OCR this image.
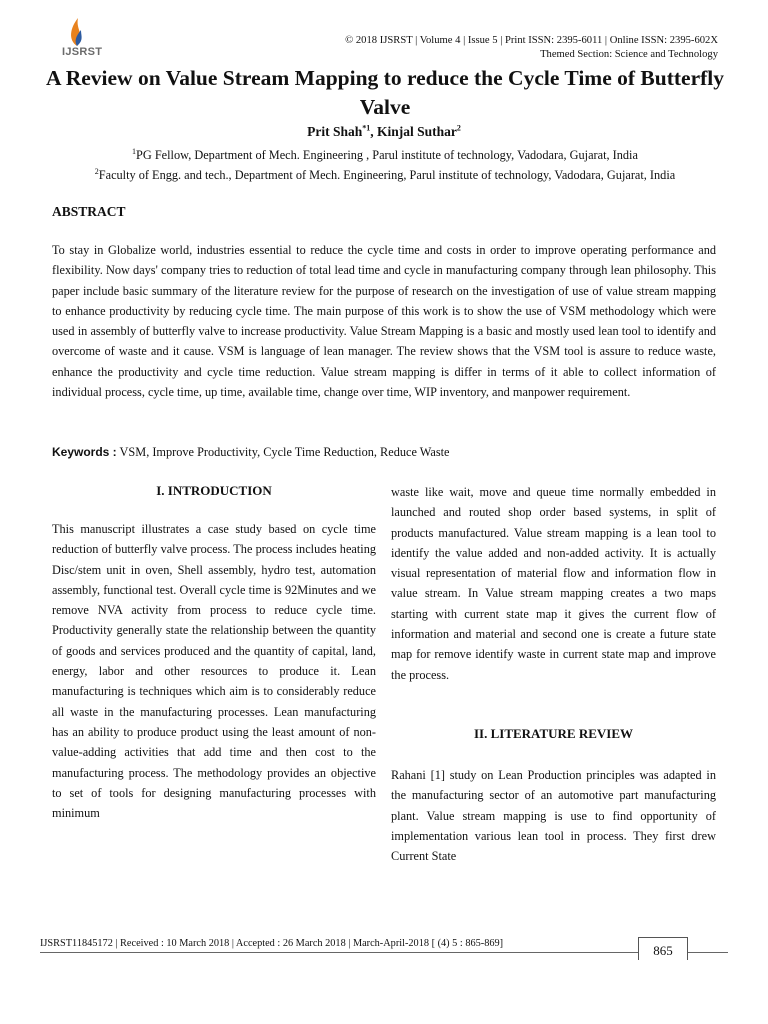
IJSRST
© 2018 IJSRST | Volume 4 | Issue 5 | Print ISSN: 2395-6011 | Online ISSN: 2395-602X
Themed Section: Science and Technology
A Review on Value Stream Mapping to reduce the Cycle Time of Butterfly Valve
Prit Shah$^{*1}$, Kinjal Suthar$^2$
$^1$PG Fellow, Department of Mech. Engineering , Parul institute of technology, Vadodara, Gujarat, India
$^2$Faculty of Engg. and tech., Department of Mech. Engineering, Parul institute of technology, Vadodara, Gujarat, India
ABSTRACT
To stay in Globalize world, industries essential to reduce the cycle time and costs in order to improve operating performance and flexibility. Now days' company tries to reduction of total lead time and cycle in manufacturing company through lean philosophy. This paper include basic summary of the literature review for the purpose of research on the investigation of use of value stream mapping to enhance productivity by reducing cycle time. The main purpose of this work is to show the use of VSM methodology which were used in assembly of butterfly valve to increase productivity. Value Stream Mapping is a basic and mostly used lean tool to identify and overcome of waste and it cause. VSM is language of lean manager. The review shows that the VSM tool is assure to reduce waste, enhance the productivity and cycle time reduction. Value stream mapping is differ in terms of it able to collect information of individual process, cycle time, up time, available time, change over time, WIP inventory, and manpower requirement.
Keywords : VSM, Improve Productivity, Cycle Time Reduction, Reduce Waste
I. INTRODUCTION
This manuscript illustrates a case study based on cycle time reduction of butterfly valve process. The process includes heating Disc/stem unit in oven, Shell assembly, hydro test, automation assembly, functional test. Overall cycle time is 92Minutes and we remove NVA activity from process to reduce cycle time. Productivity generally state the relationship between the quantity of goods and services produced and the quantity of capital, land, energy, labor and other resources to produce it. Lean manufacturing is techniques which aim is to considerably reduce all waste in the manufacturing processes. Lean manufacturing has an ability to produce product using the least amount of non-value-adding activities that add time and then cost to the manufacturing process. The methodology provides an objective to set of tools for designing manufacturing processes with minimum
waste like wait, move and queue time normally embedded in launched and routed shop order based systems, in split of products manufactured. Value stream mapping is a lean tool to identify the value added and non-added activity. It is actually visual representation of material flow and information flow in value stream. In Value stream mapping creates a two maps starting with current state map it gives the current flow of information and material and second one is create a future state map for remove identify waste in current state map and improve the process.
II. LITERATURE REVIEW
Rahani [1] study on Lean Production principles was adapted in the manufacturing sector of an automotive part manufacturing plant. Value stream mapping is use to find opportunity of implementation various lean tool in process. They first drew Current State
IJSRST11845172 | Received : 10 March 2018 | Accepted : 26 March 2018 | March-April-2018 [ (4) 5 : 865-869]	865
